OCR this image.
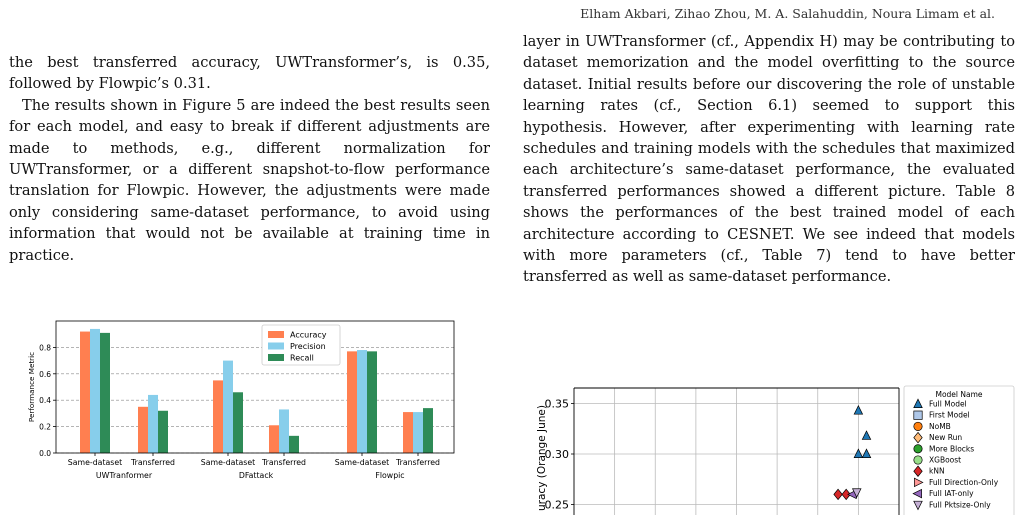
Elham Akbari, Zihao Zhou, M. A. Salahuddin, Noura Limam et al.

the best transferred accuracy, UWTransformer’s, is 0.35, followed by Flowpic’s 0.31.

The results shown in Figure 5 are indeed the best results seen for each model, and easy to break if different adjustments are made to methods, e.g., different normalization for UWTransformer, or a different snapshot-to-flow performance translation for Flowpic. However, the adjustments were made only considering same-dataset performance, to avoid using information that would not be available at training time in practice.

layer in UWTransformer (cf., Appendix H) may be contributing to dataset memorization and the model overfitting to the source dataset. Initial results before our discovering the role of unstable learning rates (cf., Section 6.1) seemed to support this hypothesis. However, after experimenting with learning rate schedules and training models with the schedules that maximized each architecture’s same-dataset performance, the evaluated transferred performances showed a different picture. Table 8 shows the performances of the best trained model of each architecture according to CESNET. We see indeed that models with more parameters (cf., Table 7) tend to have better transferred as well as same-dataset performance.

0.0
0.2
0.4
0.6
0.8
Same-dataset Transferred	Same-dataset Transferred	Same-dataset Transferred
UWTranformer	DFattack	Flowpic
Performance Metric
Accuracy
Precision
Recall
0.25
0.30
0.35
uracy (Orange June)
Model Name
Full Model
First Model
NoMB
New Run
More Blocks
XGBoost
kNN
Full Direction-Only
Full IAT-only
Full Pktsize-Only
